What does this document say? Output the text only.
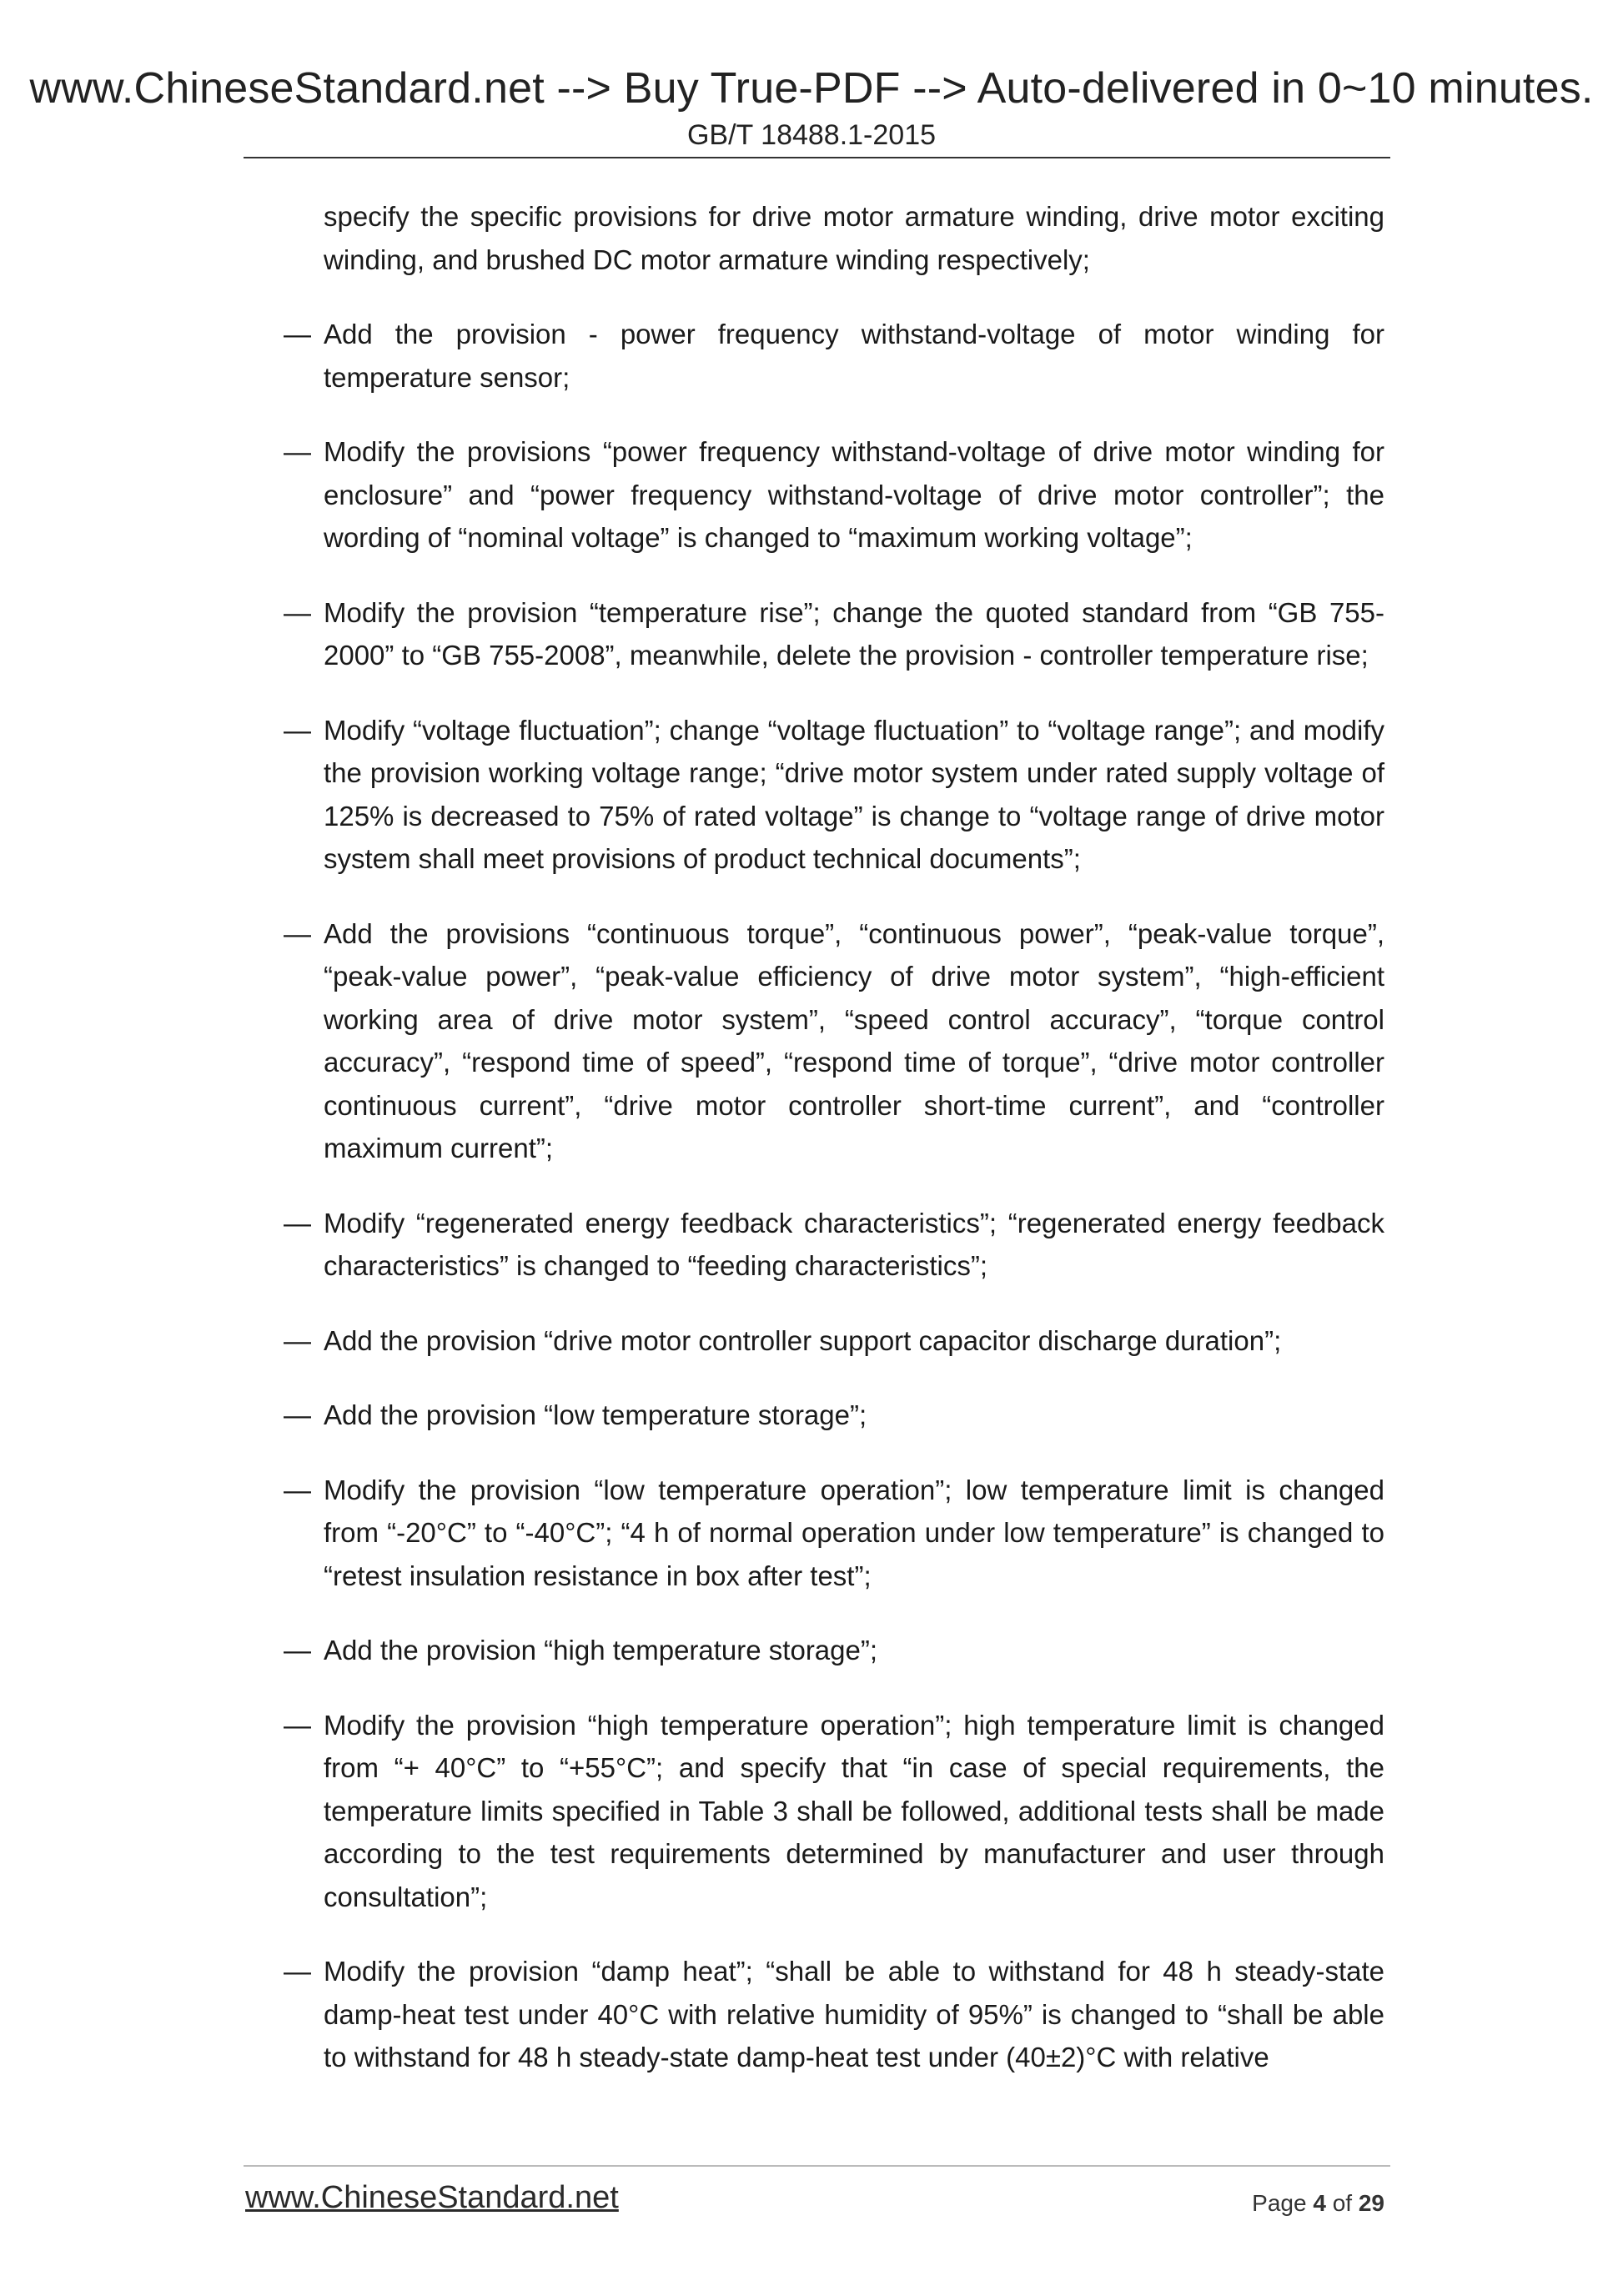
www.ChineseStandard.net --> Buy True-PDF --> Auto-delivered in 0~10 minutes.
GB/T 18488.1-2015

specify the specific provisions for drive motor armature winding, drive motor exciting winding, and brushed DC motor armature winding respectively;

— Add the provision - power frequency withstand-voltage of motor winding for temperature sensor;
— Modify the provisions “power frequency withstand-voltage of drive motor winding for enclosure” and “power frequency withstand-voltage of drive motor controller”; the wording of “nominal voltage” is changed to “maximum working voltage”;
— Modify the provision “temperature rise”; change the quoted standard from “GB 755-2000” to “GB 755-2008”, meanwhile, delete the provision - controller temperature rise;
— Modify “voltage fluctuation”; change “voltage fluctuation” to “voltage range”; and modify the provision working voltage range; “drive motor system under rated supply voltage of 125% is decreased to 75% of rated voltage” is change to “voltage range of drive motor system shall meet provisions of product technical documents”;
— Add the provisions “continuous torque”, “continuous power”, “peak-value torque”, “peak-value power”, “peak-value efficiency of drive motor system”, “high-efficient working area of drive motor system”, “speed control accuracy”, “torque control accuracy”, “respond time of speed”, “respond time of torque”, “drive motor controller continuous current”, “drive motor controller short-time current”, and “controller maximum current”;
— Modify “regenerated energy feedback characteristics”; “regenerated energy feedback characteristics” is changed to “feeding characteristics”;
— Add the provision “drive motor controller support capacitor discharge duration”;
— Add the provision “low temperature storage”;
— Modify the provision “low temperature operation”; low temperature limit is changed from “-20°C” to “-40°C”; “4 h of normal operation under low temperature” is changed to “retest insulation resistance in box after test”;
— Add the provision “high temperature storage”;
— Modify the provision “high temperature operation”; high temperature limit is changed from “+ 40°C” to “+55°C”; and specify that “in case of special requirements, the temperature limits specified in Table 3 shall be followed, additional tests shall be made according to the test requirements determined by manufacturer and user through consultation”;
— Modify the provision “damp heat”; “shall be able to withstand for 48 h steady-state damp-heat test under 40°C with relative humidity of 95%” is changed to “shall be able to withstand for 48 h steady-state damp-heat test under (40±2)°C with relative
www.ChineseStandard.net	Page 4 of 29
